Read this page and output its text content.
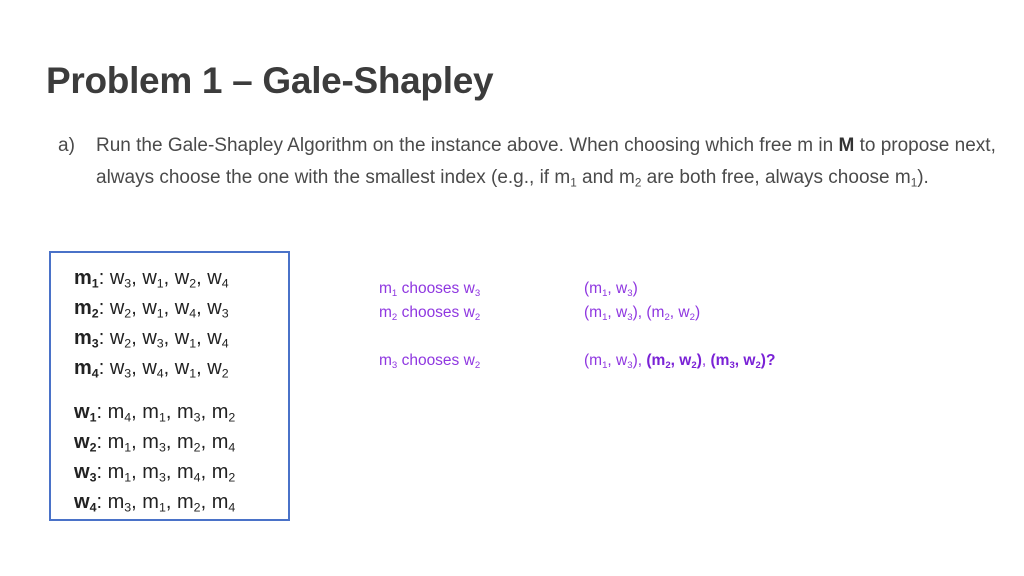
Problem 1 – Gale-Shapley
a) Run the Gale-Shapley Algorithm on the instance above. When choosing which free m in M to propose next, always choose the one with the smallest index (e.g., if $m_1$ and $m_2$ are both free, always choose $m_1$).
$m_1$: $w_3$, $w_1$, $w_2$, $w_4$
$m_2$: $w_2$, $w_1$, $w_4$, $w_3$
$m_3$: $w_2$, $w_3$, $w_1$, $w_4$
$m_4$: $w_3$, $w_4$, $w_1$, $w_2$
$w_1$: $m_4$, $m_1$, $m_3$, $m_2$
$w_2$: $m_1$, $m_3$, $m_2$, $m_4$
$w_3$: $m_1$, $m_3$, $m_4$, $m_2$
$w_4$: $m_3$, $m_1$, $m_2$, $m_4$
$m_1$ chooses $w_3$	($m_1$, $w_3$)
$m_2$ chooses $w_2$	($m_1$, $w_3$), ($m_2$, $w_2$)
$m_3$ chooses $w_2$	($m_1$, $w_3$), ($m_2$, $w_2$), ($m_3$, $w_2$)?
